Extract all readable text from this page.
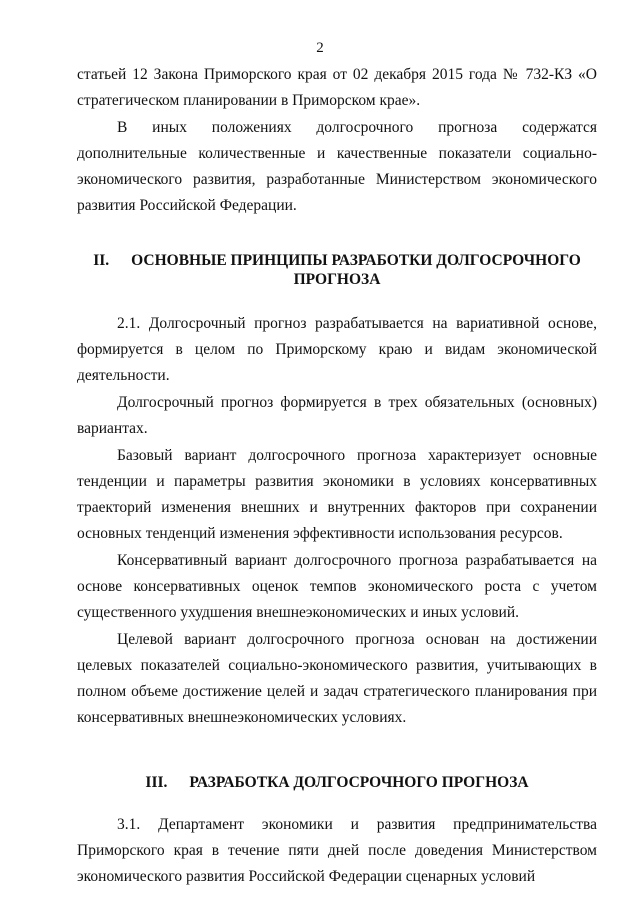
2

статьей 12 Закона Приморского края от 02 декабря 2015 года № 732-КЗ «О стратегическом планировании в Приморском крае».

В иных положениях долгосрочного прогноза содержатся дополнительные количественные и качественные показатели социально-экономического развития, разработанные Министерством экономического развития Российской Федерации.

II. ОСНОВНЫЕ ПРИНЦИПЫ РАЗРАБОТКИ ДОЛГОСРОЧНОГО ПРОГНОЗА

2.1. Долгосрочный прогноз разрабатывается на вариативной основе, формируется в целом по Приморскому краю и видам экономической деятельности.

Долгосрочный прогноз формируется в трех обязательных (основных) вариантах.

Базовый вариант долгосрочного прогноза характеризует основные тенденции и параметры развития экономики в условиях консервативных траекторий изменения внешних и внутренних факторов при сохранении основных тенденций изменения эффективности использования ресурсов.

Консервативный вариант долгосрочного прогноза разрабатывается на основе консервативных оценок темпов экономического роста с учетом существенного ухудшения внешнеэкономических и иных условий.

Целевой вариант долгосрочного прогноза основан на достижении целевых показателей социально-экономического развития, учитывающих в полном объеме достижение целей и задач стратегического планирования при консервативных внешнеэкономических условиях.

III. РАЗРАБОТКА ДОЛГОСРОЧНОГО ПРОГНОЗА

3.1. Департамент экономики и развития предпринимательства Приморского края в течение пяти дней после доведения Министерством экономического развития Российской Федерации сценарных условий
